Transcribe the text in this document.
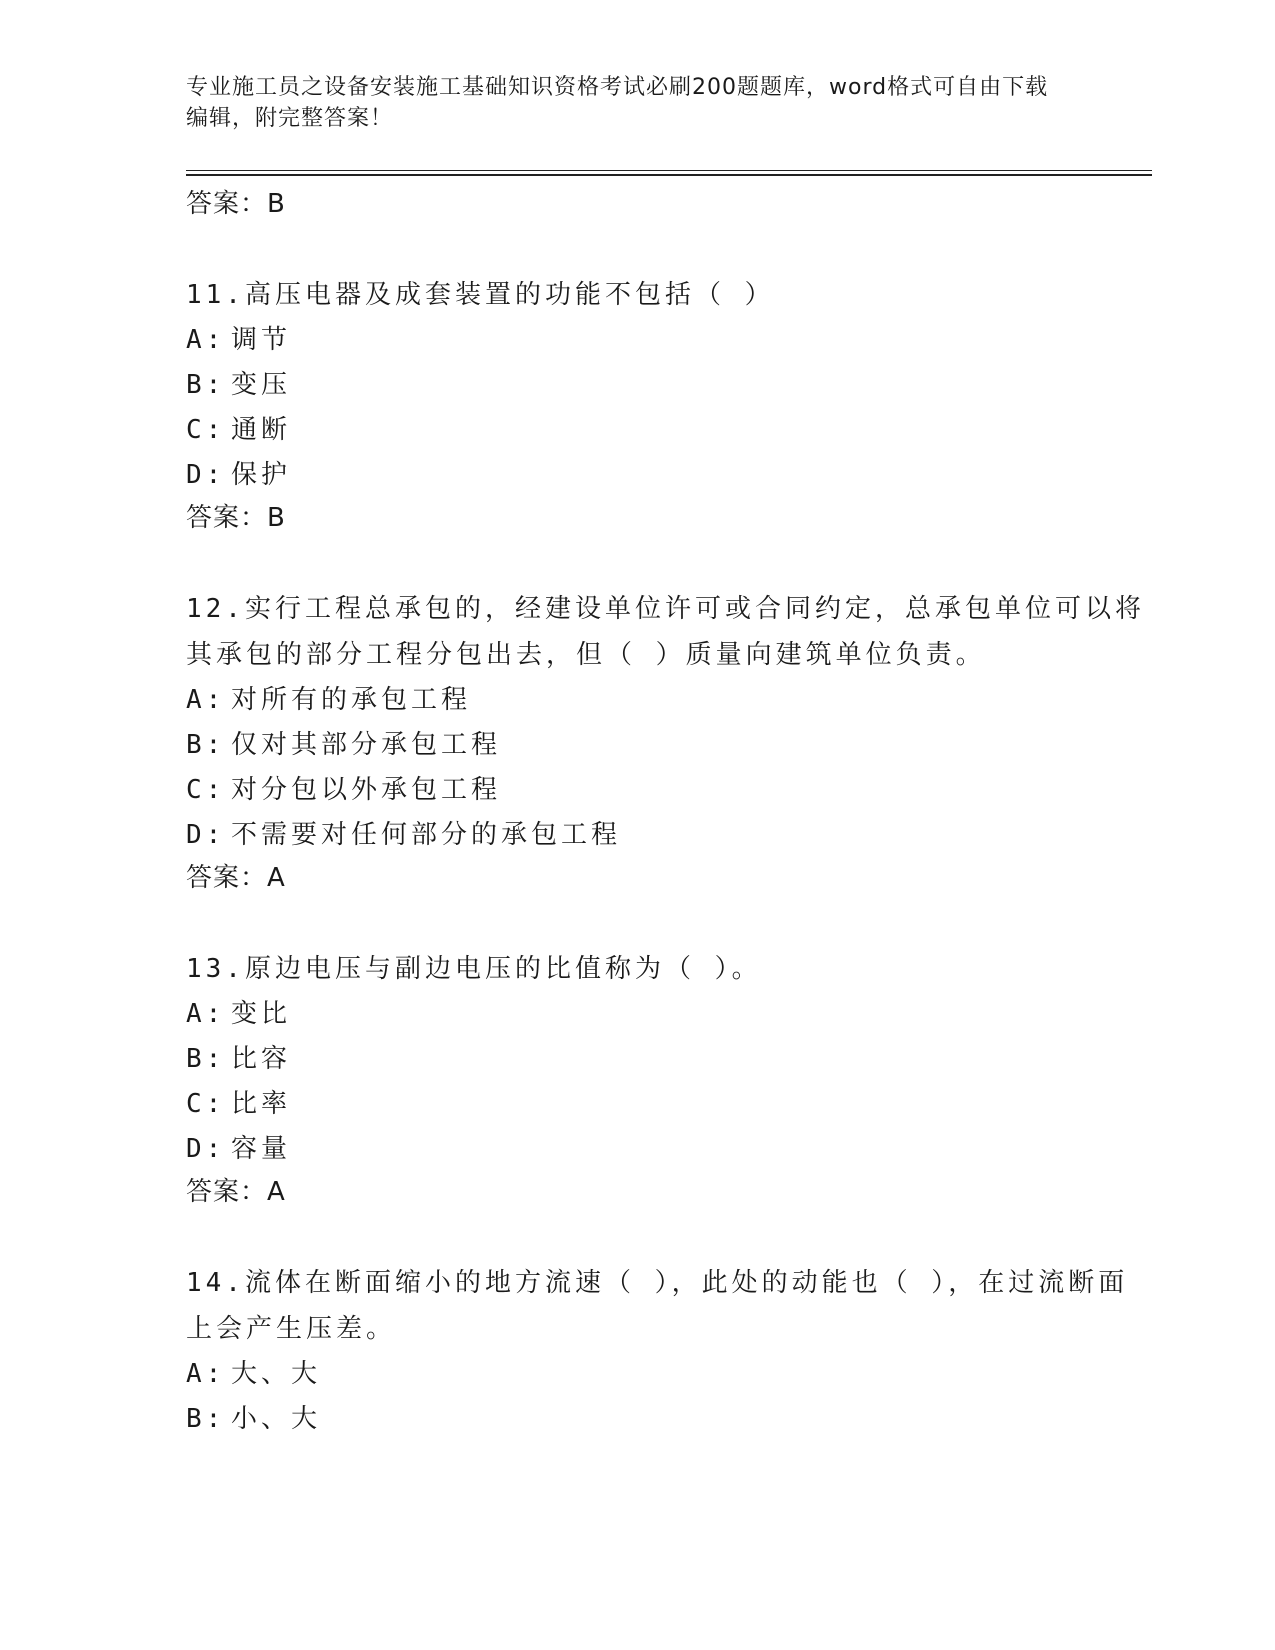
专业施工员之设备安装施工基础知识资格考试必刷200题题库，word格式可自由下载编辑，附完整答案！
答案：B
11.高压电器及成套装置的功能不包括（ ）
A: 调节
B: 变压
C: 通断
D: 保护
答案：B
12.实行工程总承包的，经建设单位许可或合同约定，总承包单位可以将其承包的部分工程分包出去，但（ ）质量向建筑单位负责。
A: 对所有的承包工程
B: 仅对其部分承包工程
C: 对分包以外承包工程
D: 不需要对任何部分的承包工程
答案：A
13.原边电压与副边电压的比值称为（ ）。
A: 变比
B: 比容
C: 比率
D: 容量
答案：A
14.流体在断面缩小的地方流速（ ），此处的动能也（ ），在过流断面上会产生压差。
A: 大、大
B: 小、大
